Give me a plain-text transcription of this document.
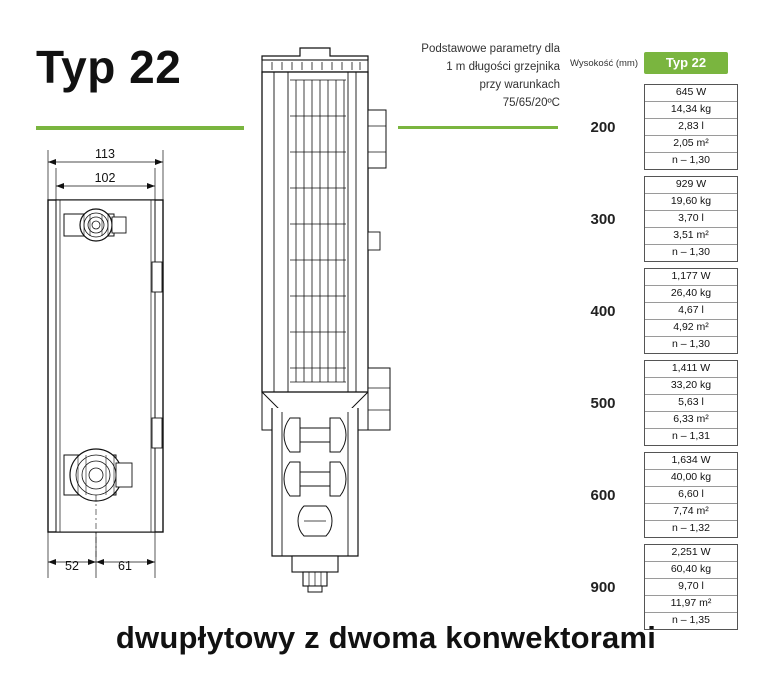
Typ 22	Podstawowe parametry dla
1 m długości grzejnika
przy warunkach
75/65/20ºC
113
102
52	61
Wysokość (mm)	Typ 22
200
645 W
14,34 kg
2,83 l
2,05 m²
n – 1,30
300
929 W
19,60 kg
3,70 l
3,51 m²
n – 1,30
400
1,177 W
26,40 kg
4,67 l
4,92 m²
n – 1,30
500
1,411 W
33,20 kg
5,63 l
6,33 m²
n – 1,31
600
1,634 W
40,00 kg
6,60 l
7,74 m²
n – 1,32
900
2,251 W
60,40 kg
9,70 l
11,97 m²
n – 1,35
dwupłytowy z dwoma konwektorami
